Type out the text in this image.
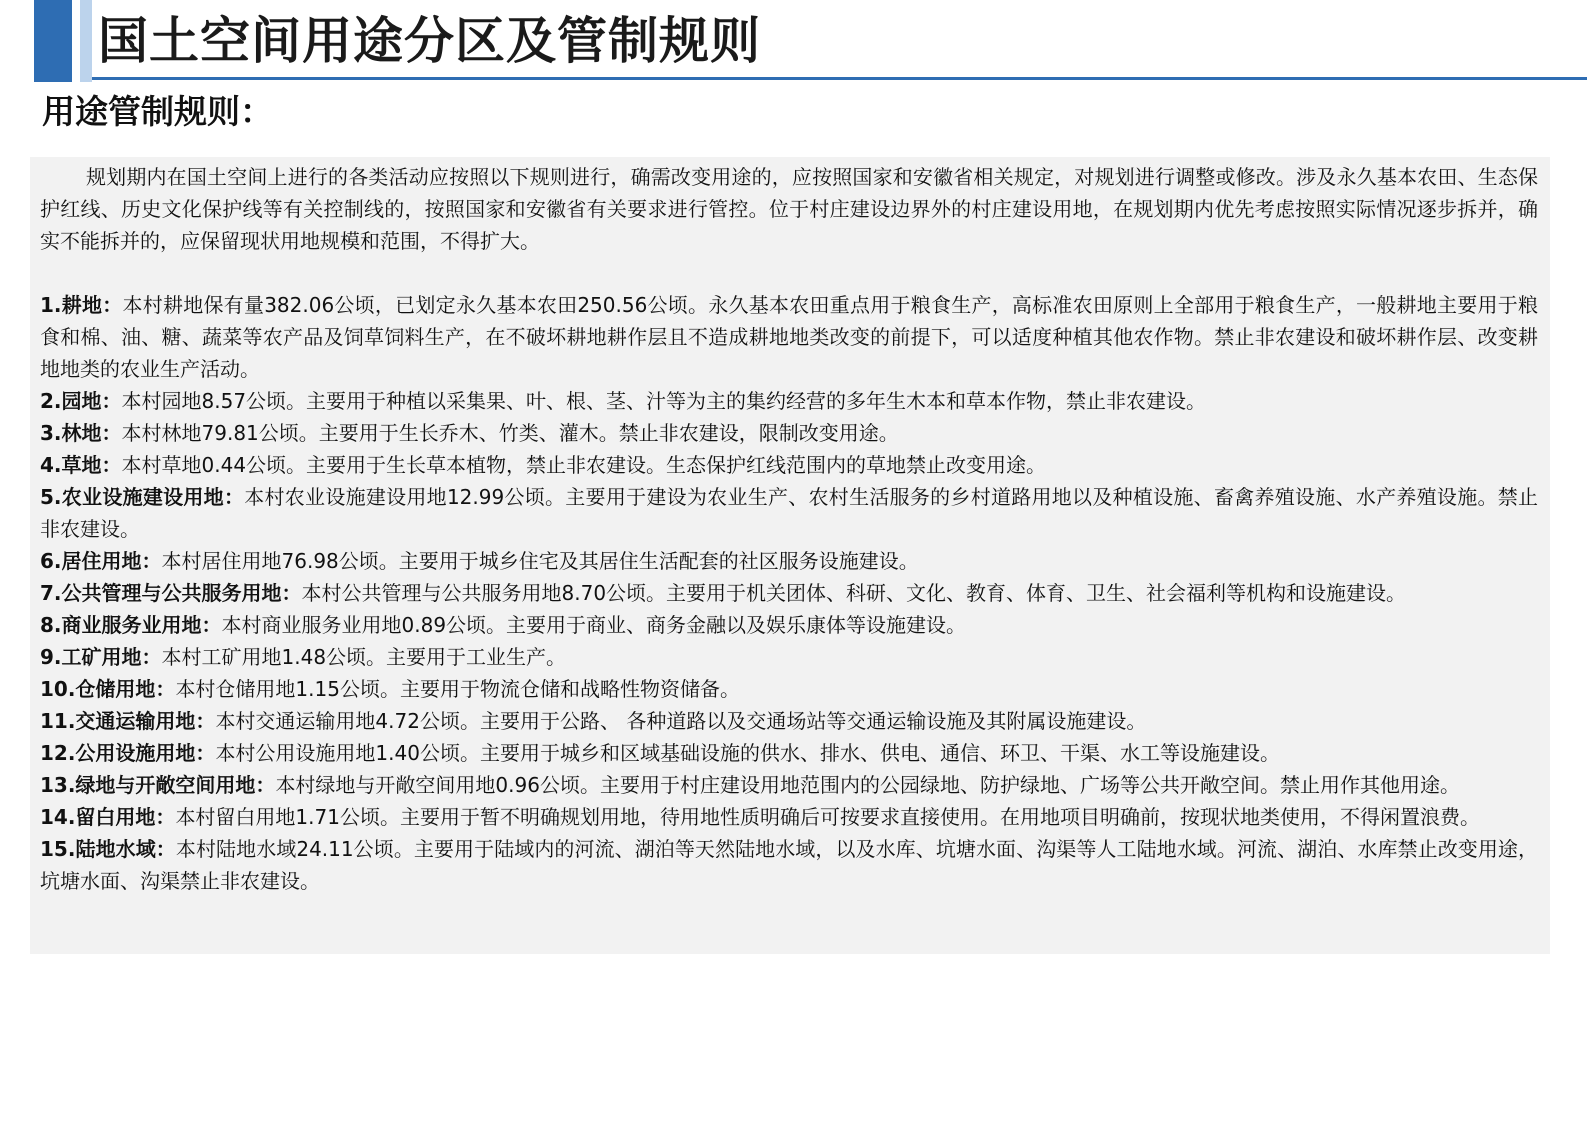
国土空间用途分区及管制规则
用途管制规则：

规划期内在国土空间上进行的各类活动应按照以下规则进行，确需改变用途的，应按照国家和安徽省相关规定，对规划进行调整或修改。涉及永久基本农田、生态保护红线、历史文化保护线等有关控制线的，按照国家和安徽省有关要求进行管控。位于村庄建设边界外的村庄建设用地，在规划期内优先考虑按照实际情况逐步拆并，确实不能拆并的，应保留现状用地规模和范围，不得扩大。

1.耕地：本村耕地保有量382.06公顷，已划定永久基本农田250.56公顷。永久基本农田重点用于粮食生产，高标准农田原则上全部用于粮食生产，一般耕地主要用于粮食和棉、油、糖、蔬菜等农产品及饲草饲料生产，在不破坏耕地耕作层且不造成耕地地类改变的前提下，可以适度种植其他农作物。禁止非农建设和破坏耕作层、改变耕地地类的农业生产活动。
2.园地：本村园地8.57公顷。主要用于种植以采集果、叶、根、茎、汁等为主的集约经营的多年生木本和草本作物，禁止非农建设。
3.林地：本村林地79.81公顷。主要用于生长乔木、竹类、灌木。禁止非农建设，限制改变用途。
4.草地：本村草地0.44公顷。主要用于生长草本植物，禁止非农建设。生态保护红线范围内的草地禁止改变用途。
5.农业设施建设用地：本村农业设施建设用地12.99公顷。主要用于建设为农业生产、农村生活服务的乡村道路用地以及种植设施、畜禽养殖设施、水产养殖设施。禁止非农建设。
6.居住用地：本村居住用地76.98公顷。主要用于城乡住宅及其居住生活配套的社区服务设施建设。
7.公共管理与公共服务用地：本村公共管理与公共服务用地8.70公顷。主要用于机关团体、科研、文化、教育、体育、卫生、社会福利等机构和设施建设。
8.商业服务业用地：本村商业服务业用地0.89公顷。主要用于商业、商务金融以及娱乐康体等设施建设。
9.工矿用地：本村工矿用地1.48公顷。主要用于工业生产。
10.仓储用地：本村仓储用地1.15公顷。主要用于物流仓储和战略性物资储备。
11.交通运输用地：本村交通运输用地4.72公顷。主要用于公路、 各种道路以及交通场站等交通运输设施及其附属设施建设。
12.公用设施用地：本村公用设施用地1.40公顷。主要用于城乡和区域基础设施的供水、排水、供电、通信、环卫、干渠、水工等设施建设。
13.绿地与开敞空间用地：本村绿地与开敞空间用地0.96公顷。主要用于村庄建设用地范围内的公园绿地、防护绿地、广场等公共开敞空间。禁止用作其他用途。
14.留白用地：本村留白用地1.71公顷。主要用于暂不明确规划用地，待用地性质明确后可按要求直接使用。在用地项目明确前，按现状地类使用，不得闲置浪费。
15.陆地水域：本村陆地水域24.11公顷。主要用于陆域内的河流、湖泊等天然陆地水域，以及水库、坑塘水面、沟渠等人工陆地水域。河流、湖泊、水库禁止改变用途，坑塘水面、沟渠禁止非农建设。
